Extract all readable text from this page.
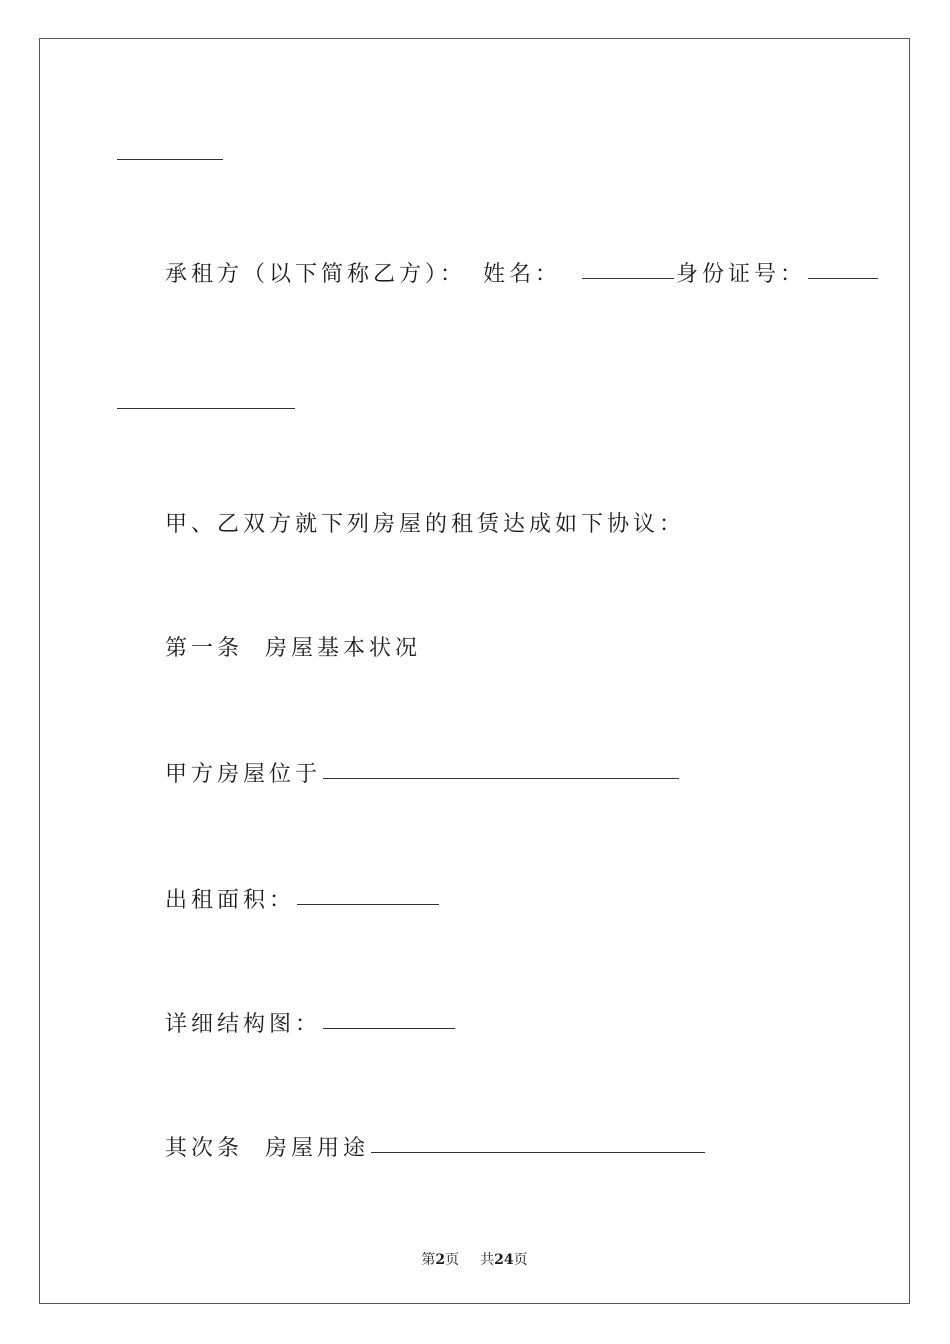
承租方（以下简称乙方）： 姓名：	身份证号：
甲、乙双方就下列房屋的租赁达成如下协议：
第一条  房屋基本状况
甲方房屋位于
出租面积：
详细结构图：
其次条  房屋用途
第2页 共24页
